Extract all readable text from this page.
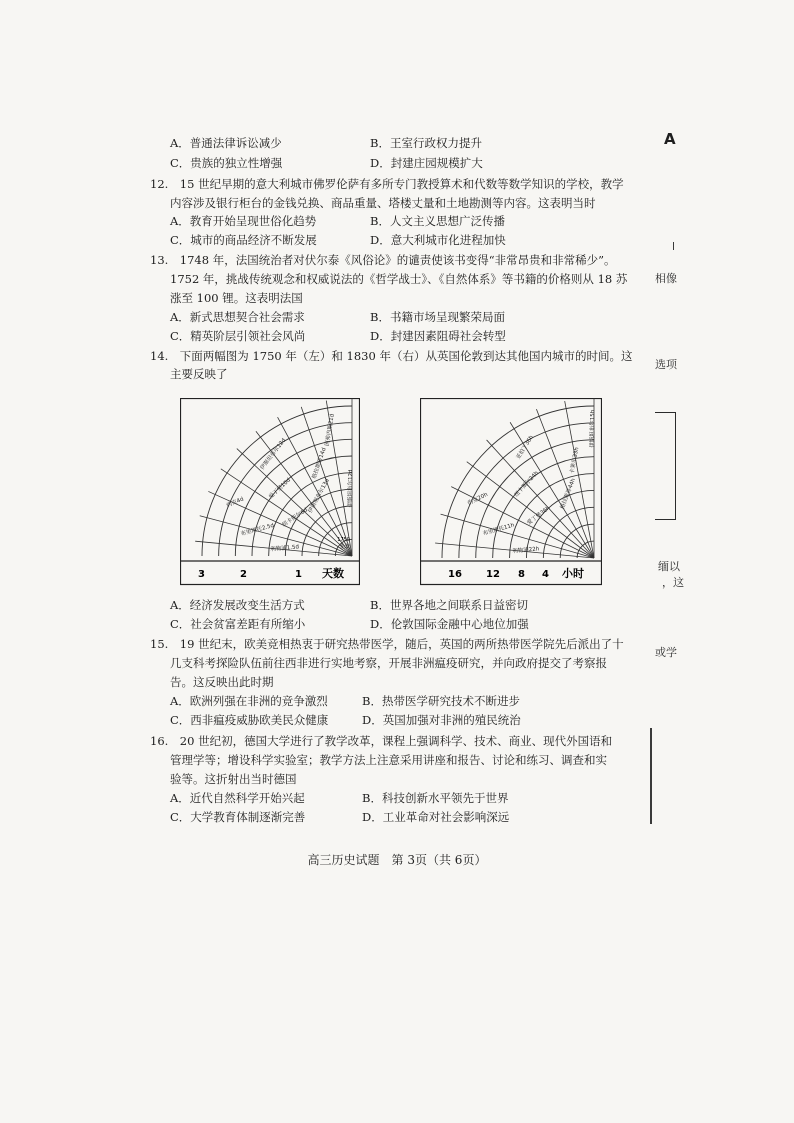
A
相像
选项
缅以
，这
或学
A．普通法律诉讼减少	B．王室行政权力提升
C．贵族的独立性增强	D．封建庄园规模扩大
12.　15 世纪早期的意大利城市佛罗伦萨有多所专门教授算术和代数等数学知识的学校，教学
内容涉及银行柜台的金钱兑换、商品重量、塔楼丈量和土地勘测等内容。这表明当时
A．教育开始呈现世俗化趋势	B．人文主义思想广泛传播
C．城市的商品经济不断发展	D．意大利城市化进程加快
13.　1748 年，法国统治者对伏尔泰《风俗论》的谴责使该书变得“非常昂贵和非常稀少”。
1752 年，挑战传统观念和权威说法的《哲学战士》、《自然体系》等书籍的价格则从 18 苏
涨至 100 锂。这表明法国
A．新式思想契合社会需求	B．书籍市场呈现繁荣局面
C．精英阶层引领社会风尚	D．封建因素阻碍社会转型
14.　下面两幅图为 1750 年（左）和 1830 年（右）从英国伦敦到达其他国内城市的时间。这
主要反映了
利物浦1.5d
布里斯托2.5d
约克4d
纽卡斯尔6d
爱丁堡10d
伊斯坦布尔12d
伊斯坦布尔13d
格拉斯哥14d
因弗内斯21d
伊斯坦布尔12d
1750
伦敦
天数
3	2	1
利物浦22h
布里斯托11h
约克20h
爱丁堡36h
纽卡斯尔24h
亚伯丁36h
格拉斯哥44h
卡莱尔33h
伊斯坦布尔15h
小时
16 12 8 4
A．经济发展改变生活方式	B．世界各地之间联系日益密切
C．社会贫富差距有所缩小	D．伦敦国际金融中心地位加强
15.　19 世纪末，欧美竞相热衷于研究热带医学，随后，英国的两所热带医学院先后派出了十
几支科考探险队伍前往西非进行实地考察，开展非洲瘟疫研究，并向政府提交了考察报
告。这反映出此时期
A．欧洲列强在非洲的竞争激烈	B．热带医学研究技术不断进步
C．西非瘟疫威胁欧美民众健康	D．英国加强对非洲的殖民统治
16.　20 世纪初，德国大学进行了教学改革，课程上强调科学、技术、商业、现代外国语和
管理学等；增设科学实验室；教学方法上注意采用讲座和报告、讨论和练习、调查和实
验等。这折射出当时德国
A．近代自然科学开始兴起	B．科技创新水平领先于世界
C．大学教育体制逐渐完善	D．工业革命对社会影响深远
高三历史试题　第 3页（共 6页）
